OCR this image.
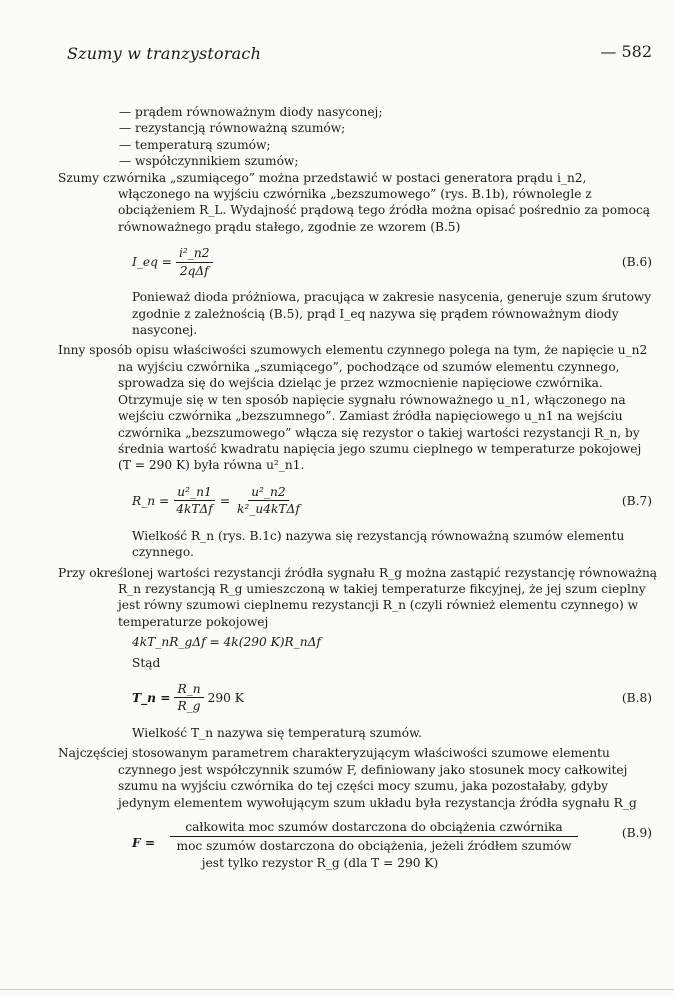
Szumy w tranzystorach	— 582
— prądem równoważnym diody nasyconej;
— rezystancją równoważną szumów;
— temperaturą szumów;
— współczynnikiem szumów;
Szumy czwórnika „szumiącego” można przedstawić w postaci generatora prądu i_n2, włączonego na wyjściu czwórnika „bezszumowego” (rys. B.1b), równolegle z obciążeniem R_L. Wydajność prądową tego źródła można opisać pośrednio za pomocą równoważnego prądu stałego, zgodnie ze wzorem (B.5)
I_eq = $\frac{\text{i²\_n2}}{\text{2qΔf}}$	(B.6)
Ponieważ dioda próżniowa, pracująca w zakresie nasycenia, generuje szum śrutowy zgodnie z zależnością (B.5), prąd I_eq nazywa się prądem równoważnym diody nasyconej.
Inny sposób opisu właściwości szumowych elementu czynnego polega na tym, że napięcie u_n2 na wyjściu czwórnika „szumiącego”, pochodzące od szumów elementu czynnego, sprowadza się do wejścia dzieląc je przez wzmocnienie napięciowe czwórnika. Otrzymuje się w ten sposób napięcie sygnału równoważnego u_n1, włączonego na wejściu czwórnika „bezszumnego”. Zamiast źródła napięciowego u_n1 na wejściu czwórnika „bezszumowego” włącza się rezystor o takiej wartości rezystancji R_n, by średnia wartość kwadratu napięcia jego szumu cieplnego w temperaturze pokojowej (T = 290 K) była równa u²_n1.
R_n = $\frac{\text{u²\_n1}}{\text{4kTΔf}} = \frac{\text{u²\_n2}}{\text{k²\_u4kTΔf}}$	(B.7)
Wielkość R_n (rys. B.1c) nazywa się rezystancją równoważną szumów elementu czynnego.
Przy określonej wartości rezystancji źródła sygnału R_g można zastąpić rezystancję równoważną R_n rezystancją R_g umieszczoną w takiej temperaturze fikcyjnej, że jej szum cieplny jest równy szumowi cieplnemu rezystancji R_n (czyli również elementu czynnego) w temperaturze pokojowej
4kT_nR_gΔf = 4k(290 K)R_nΔf
Stąd
T_n = $\frac{R\_n}{R\_g} 290$ K	(B.8)
Wielkość T_n nazywa się temperaturą szumów.
Najczęściej stosowanym parametrem charakteryzującym właściwości szumowe elementu czynnego jest współczynnik szumów F, definiowany jako stosunek mocy całkowitej szumu na wyjściu czwórnika do tej części mocy szumu, jaka pozostałaby, gdyby jedynym elementem wywołującym szum układu była rezystancja źródła sygnału R_g
F =
całkowita moc szumów dostarczona do obciążenia czwórnika
moc szumów dostarczona do obciążenia, jeżeli źródłem szumów
jest tylko rezystor R_g (dla T = 290 K)
(B.9)
